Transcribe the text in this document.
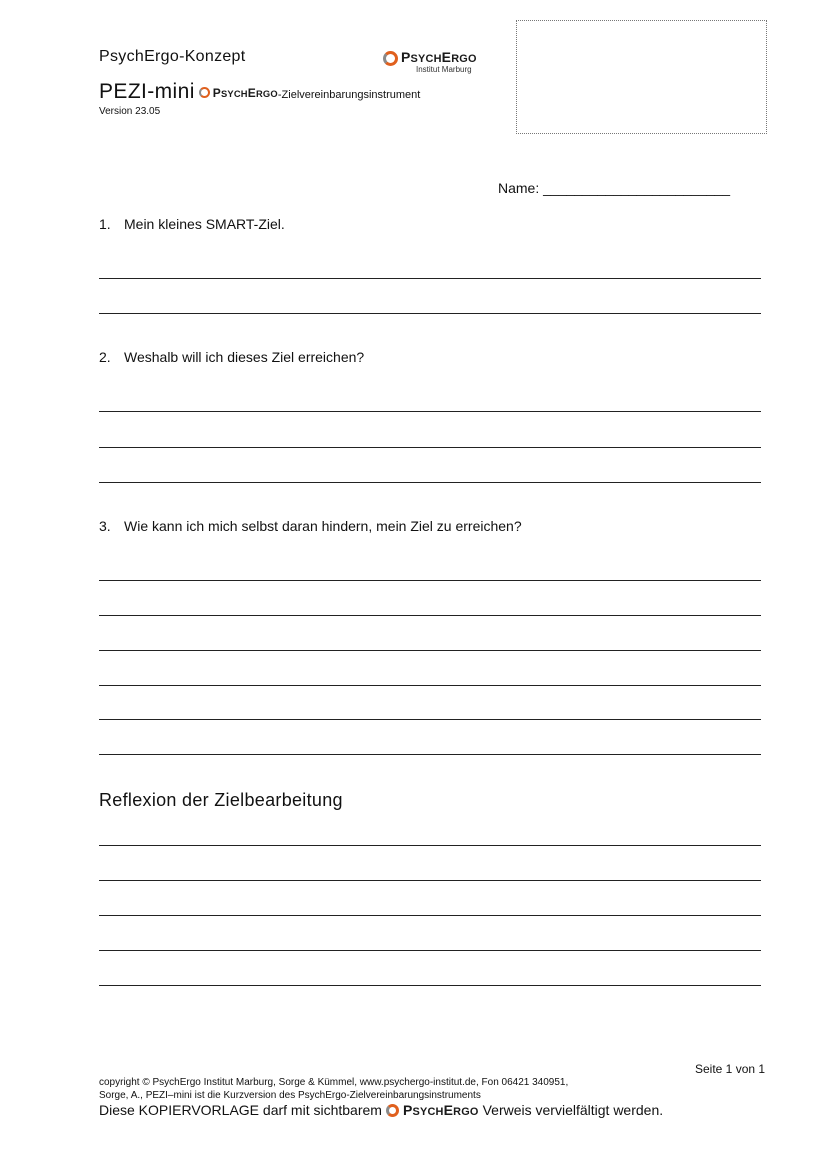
PsychErgo-Konzept	PSYCHERGO
Institut Marburg
PEZI-mini PSYCHERGO -Zielvereinbarungsinstrument
Version 23.05
Name: ________________________
1. Mein kleines SMART-Ziel.
2. Weshalb will ich dieses Ziel erreichen?
3. Wie kann ich mich selbst daran hindern, mein Ziel zu erreichen?
Reflexion der Zielbearbeitung
Seite 1 von 1
copyright © PsychErgo Institut Marburg, Sorge & Kümmel, www.psychergo-institut.de, Fon 06421 340951,
Sorge, A., PEZI–mini ist die Kurzversion des PsychErgo-Zielvereinbarungsinstruments
Diese KOPIERVORLAGE darf mit sichtbarem PSYCHERGO Verweis vervielfältigt werden.
